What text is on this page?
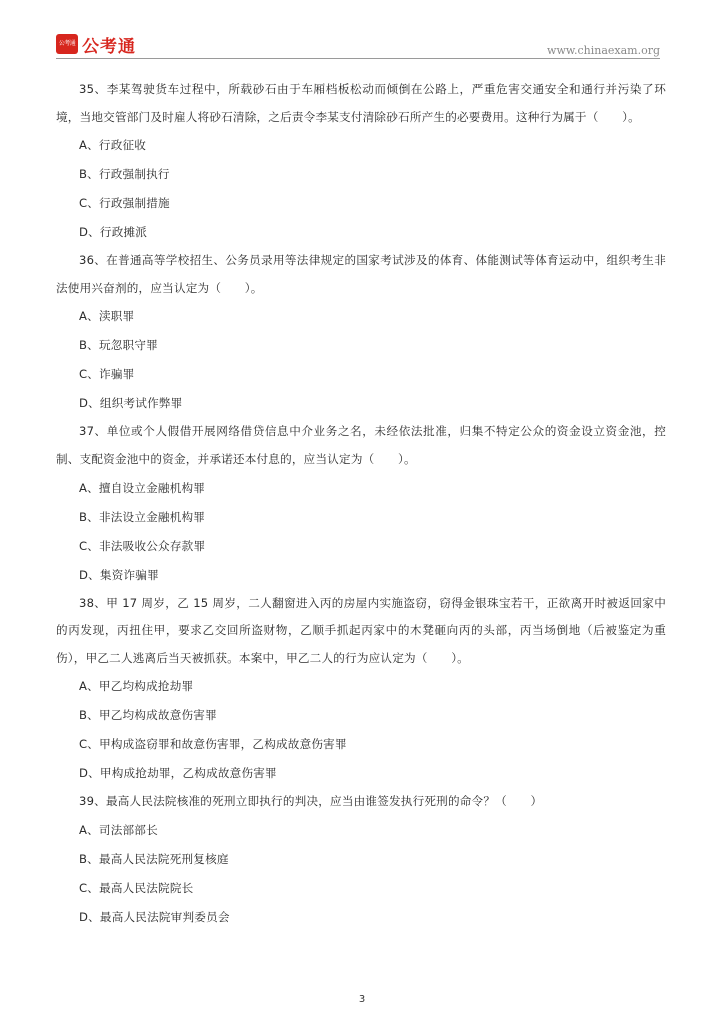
公考通 公考通	www.chinaexam.org

35、李某驾驶货车过程中，所载砂石由于车厢档板松动而倾倒在公路上，严重危害交通安全和通行并污染了环境，当地交管部门及时雇人将砂石清除，之后责令李某支付清除砂石所产生的必要费用。这种行为属于（　　）。

A、行政征收

B、行政强制执行

C、行政强制措施

D、行政摊派

36、在普通高等学校招生、公务员录用等法律规定的国家考试涉及的体育、体能测试等体育运动中，组织考生非法使用兴奋剂的，应当认定为（　　）。

A、渎职罪

B、玩忽职守罪

C、诈骗罪

D、组织考试作弊罪

37、单位或个人假借开展网络借贷信息中介业务之名，未经依法批准，归集不特定公众的资金设立资金池，控制、支配资金池中的资金，并承诺还本付息的，应当认定为（　　）。

A、擅自设立金融机构罪

B、非法设立金融机构罪

C、非法吸收公众存款罪

D、集资诈骗罪

38、甲 17 周岁，乙 15 周岁，二人翻窗进入丙的房屋内实施盗窃，窃得金银珠宝若干，正欲离开时被返回家中的丙发现，丙扭住甲，要求乙交回所盗财物，乙顺手抓起丙家中的木凳砸向丙的头部，丙当场倒地（后被鉴定为重伤），甲乙二人逃离后当天被抓获。本案中，甲乙二人的行为应认定为（　　）。

A、甲乙均构成抢劫罪

B、甲乙均构成故意伤害罪

C、甲构成盗窃罪和故意伤害罪，乙构成故意伤害罪

D、甲构成抢劫罪，乙构成故意伤害罪

39、最高人民法院核准的死刑立即执行的判决，应当由谁签发执行死刑的命令？（　　）

A、司法部部长

B、最高人民法院死刑复核庭

C、最高人民法院院长

D、最高人民法院审判委员会

3
